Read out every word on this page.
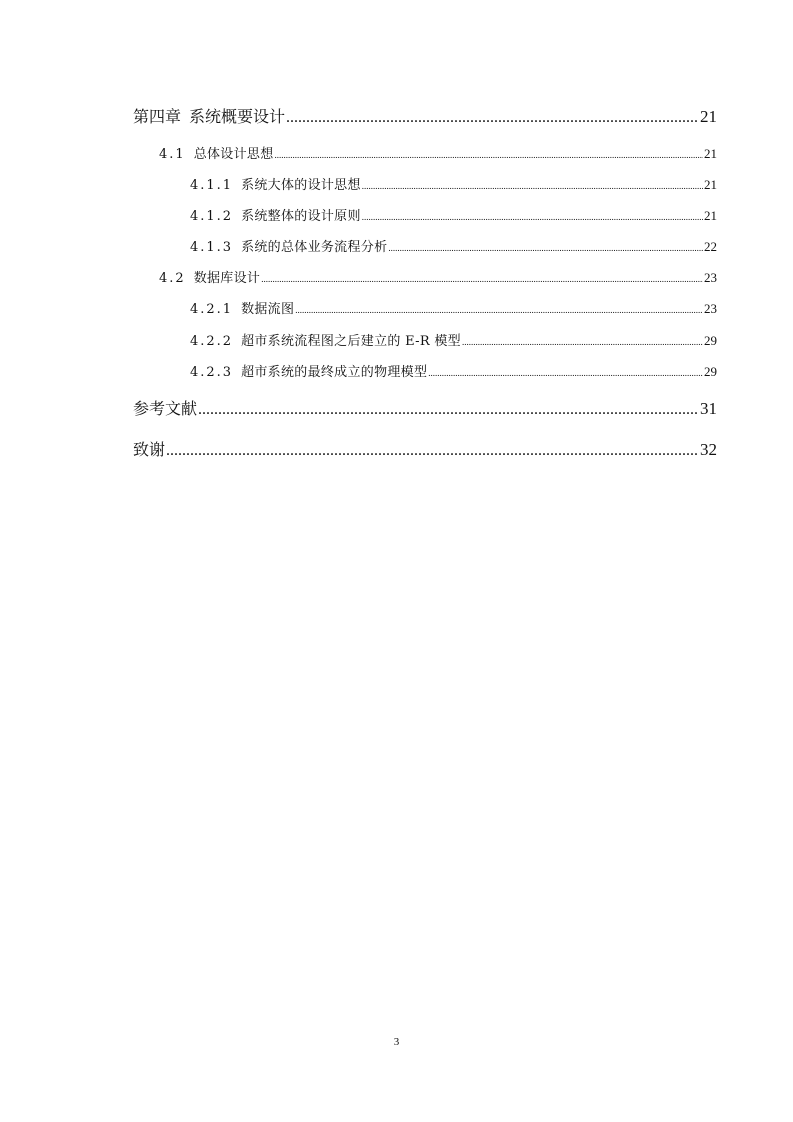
第四章 系统概要设计 .....	21
4.1 总体设计思想 .....	21
4.1.1 系统大体的设计思想 .....	21
4.1.2 系统整体的设计原则 .....	21
4.1.3 系统的总体业务流程分析 .....	22
4.2 数据库设计 .....	23
4.2.1 数据流图 .....	23
4.2.2 超市系统流程图之后建立的 E-R 模型 .....	29
4.2.3 超市系统的最终成立的物理模型 .....	29
参考文献 .....	31
致谢 .....	32
3
